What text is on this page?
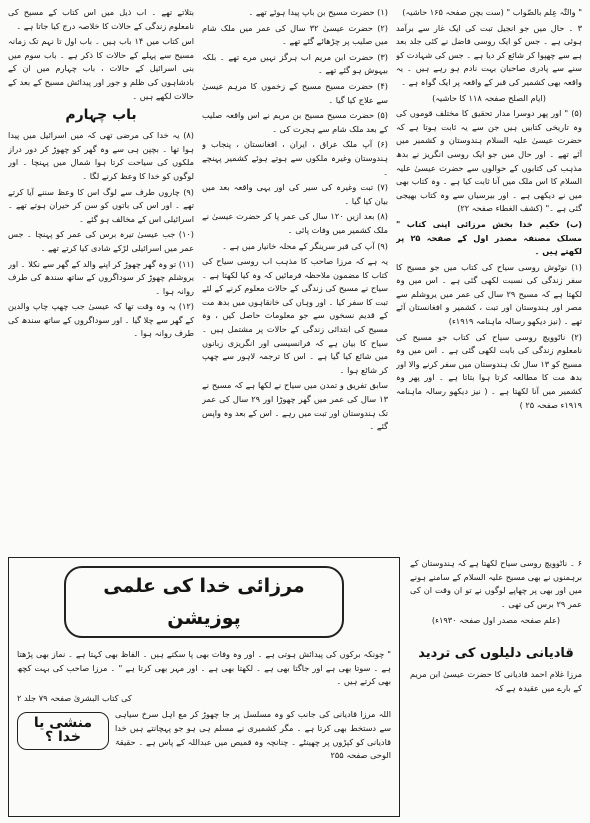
" والتّٰہ عِلم بالصّواب " (ست بچن صفحہ ۱۶۵ حاشیہ)

۳ ۔ حال میں جو انجیل تبت کی ایک غار سے برآمد ہوئی ہے ۔ جس کو ایک روسی فاضل نے کئی جلد بعد ہے سے چھپوا کر شائع کر دیا ہے ۔ جس کی شہادت کو سنے سے پادری صاحبان بہت نادم ہو رہے ہیں ۔ یہ واقعہ بھی کشمیر کی قبر کے واقعہ پر ایک گواہ ہے ۔

(ایام الصلح صفحہ ۱۱۸ کا حاشیہ)

(۵) " اور پھر دوسرا مدار تحقیق کا مختلف قوموں کی وہ تاریخی کتابیں ہیں جن سے یہ ثابت ہوتا ہے کہ حضرت عیسیٰ علیہ السلام ہندوستان و کشمیر میں آئے تھے ۔ اور حال میں جو ایک روسی انگریز نے بدھ مذہب کی کتابوں کے حوالوں سے حضرت عیسیٰ علیہ السلام کا اس ملک میں آنا ثابت کیا ہے ۔ وہ کتاب بھی میں نے دیکھی ہے ۔ اور بیرسیاں سے وہ کتاب بھیجی گئی ہے ۔" (کشف الغطاء صفحہ ۲۲)

(ب) حکیم خدا بخش مرزائی اپنی کتاب " مسلک مصنفہ مصدر اول کے صفحہ ۲۵ پر لکھتے ہیں ۔

(۱) نوٹوش روسی سیاح کی کتاب میں جو مسیح کا سفر زندگی کی نسبت لکھی گئی ہے ۔ اس میں وہ لکھتا ہے کہ مسیح ۲۹ سال کی عمر میں یروشلم سے مصر اور ہندوستان اور تبت ، کشمیر و افغانستان آئے تھے ۔ (نیز دیکھو رسالہ ماہنامہ ۱۹۱۹ء)

(۲) ناٹوویچ روسی سیاح کی کتاب جو مسیح کی نامعلوم زندگی کی بابت لکھی گئی ہے ۔ اس میں وہ مسیح کو ۱۳ سال تک ہندوستان میں سفر کرنے والا اور بدھ مت کا مطالعہ کرتا ہوا بتاتا ہے ۔ اور پھر وہ کشمیر میں آنا لکھتا ہے ۔ ( نیز دیکھو رسالہ ماہنامہ ۱۹۱۹ء صفحہ ۲۵ )

(۱) حضرت مسیح بن باپ پیدا ہوئے تھے ۔

(۲) حضرت عیسیٰ ۳۲ سال کی عمر میں ملک شام میں صلیب پر چڑھائے گئے تھے ۔

(۳) حضرت ابن مریم اب ہرگز نہیں مرے تھے ۔ بلکہ بیہوش ہو گئے تھے ۔

(۴) حضرت مسیح مسیح کے زخموں کا مرہم عیسیٰ سے علاج کیا گیا ۔

(۵) حضرت مسیح مسیح بن مریم نے اس واقعہ صلیب کے بعد ملک شام سے ہجرت کی ۔

(۶) آپ ملک عراق ، ایران ، افغانستان ، پنجاب و ہندوستان وغیرہ ملکوں سے ہوتے ہوئے کشمیر پہنچے ۔

(۷) تبت وغیرہ کی سیر کی اور یہی واقعہ بعد میں بیان کیا گیا ۔

(۸) بعد ازیں ۱۲۰ سال کی عمر پا کر حضرت عیسیٰ نے ملک کشمیر میں وفات پائی ۔

(۹) آپ کی قبر سرینگر کے محلہ خانیار میں ہے ۔

یہ ہے کہ مرزا صاحب کا مذہب اب روسی سیاح کی کتاب کا مضمون ملاحظہ فرمائیں کہ وہ کیا لکھتا ہے ۔ سیاح نے مسیح کی زندگی کے حالات معلوم کرنے کے لئے تبت کا سفر کیا ۔ اور وہاں کی خانقاہوں میں بدھ مت کے قدیم نسخوں سے جو معلومات حاصل کیں ، وہ مسیح کی ابتدائی زندگی کے حالات پر مشتمل ہیں ۔ سیاح کا بیان ہے کہ فرانسیسی اور انگریزی زبانوں میں شائع کیا گیا ہے ۔ اس کا ترجمہ لاہور سے چھپ کر شائع ہوا ۔

سابق تفریق و تمدن میں سیاح نے لکھا ہے کہ مسیح نے ۱۳ سال کی عمر میں گھر چھوڑا اور ۲۹ سال کی عمر تک ہندوستان اور تبت میں رہے ۔ اس کے بعد وہ واپس گئے ۔

بتلاتے تھے ۔ اب ذیل میں اس کتاب کے مسیح کی نامعلوم زندگی کے حالات کا خلاصہ درج کیا جاتا ہے ۔

اس کتاب میں ۱۴ باب ہیں ۔ باب اول تا نہم تک زمانہ مسیح سے پہلے کے حالات کا ذکر ہے ۔ باب سوم میں بنی اسرائیل کے حالات ، باب چہارم میں ان کے بادشاہوں کی ظلم و جور اور پیدائش مسیح کے بعد کے حالات لکھے ہیں ۔

باب چہارم

(۸) یہ خدا کی مرضی تھی کہ میں اسرائیل میں پیدا ہوا تھا ۔ بچپن ہی سے وہ گھر کو چھوڑ کر دور دراز ملکوں کی سیاحت کرتا ہوا شمال میں پہنچا ۔ اور لوگوں کو خدا کا وعظ کرنے لگا ۔

(۹) چاروں طرف سے لوگ اس کا وعظ سننے آیا کرتے تھے ۔ اور اس کی باتوں کو سن کر حیران ہوتے تھے ۔ اسرائیلی اس کے مخالف ہو گئے ۔

(۱۰) جب عیسیٰ تیرہ برس کی عمر کو پہنچا ۔ جس عمر میں اسرائیلی لڑکے شادی کیا کرتے تھے ۔

(۱۱) تو وہ گھر چھوڑ کر اپنے والد کے گھر سے نکلا ۔ اور یروشلم چھوڑ کر سوداگروں کے ساتھ سندھ کی طرف روانہ ہوا ۔

(۱۲) یہ وہ وقت تھا کہ عیسیٰ جب چھپ چاپ والدین کے گھر سے چلا گیا ۔ اور سوداگروں کے ساتھ سندھ کی طرف روانہ ہوا ۔

۶ ۔ ناٹوویچ روسی سیاح لکھتا ہے کہ ہندوستان کے برہمنوں نے بھی مسیح علیہ السلام کے سامنے ہونے میں اور بھی پر چھاپے لوگوں نے تو ان وقت ان کی عمر ۲۹ برس کی تھی ۔

(علم صفحہ مصدر اول صفحہ ۱۹۳۰ء)

قادیانی دلیلوں کی تردید

مرزا غلام احمد قادیانی کا حضرت عیسیٰ ابن مریم کے بارے میں عقیدہ ہے کہ

مرزائی خدا کی علمی پوزیشن

" چونکہ برکوں کی پیدائش ہوتی ہے ۔ اور وہ وفات بھی پا سکتے ہیں ۔ الفاظ بھی کہتا ہے ۔ نماز بھی پڑھتا ہے ۔ سوتا بھی ہے اور جاگتا بھی ہے ۔ لکھتا بھی ہے ۔ اور مہر بھی کرتا ہے " ۔ مرزا صاحب کی بہت کچھ بھی کرتے ہیں ۔

کی کتاب البشریٰ صفحہ ۷۹ جلد ۲

منشی یا خدا ؟

اللہ مرزا قادیانی کی جانب کو وہ مسلسل پر جا چھوڑ کر مع اہل سرخ سیاہی سے دستخط بھی کرتا ہے ۔ مگر کشمیری نے مسلم ہی ہو جو پہچانتے ہیں خدا قادیانی کو کپڑوں پر چھینٹے ۔ چنانچہ وہ قمیص میں عبداللہ کے پاس ہے ۔ حقیقۃ الوحی صفحہ ۲۵۵
